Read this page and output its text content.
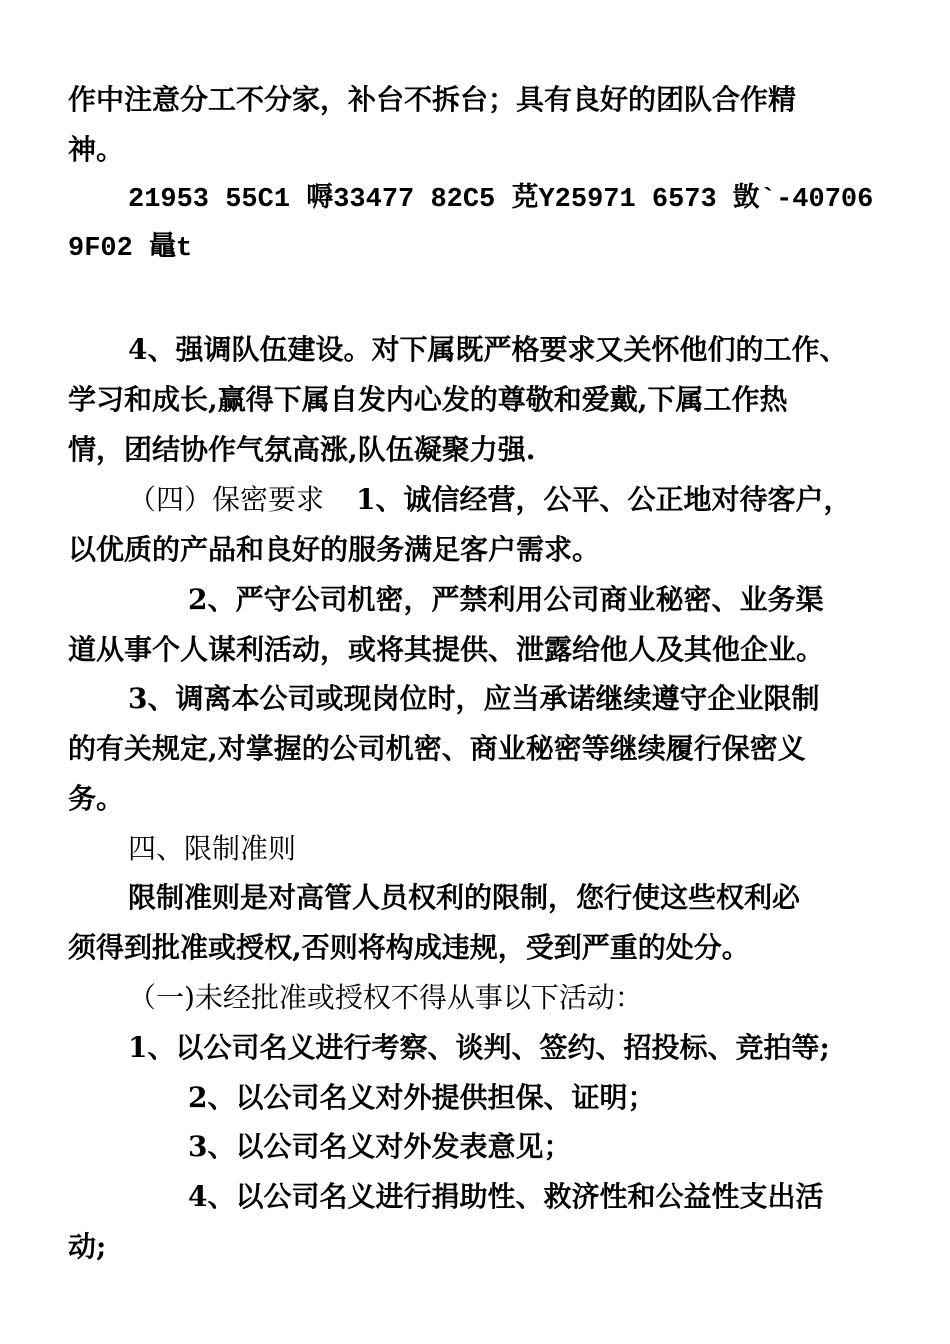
作中注意分工不分家，补台不拆台；具有良好的团队合作精
神。
21953 55C1 嗕33477 82C5 莌Y25971 6573 敳`-40706
9F02 鼂t
4、强调队伍建设。对下属既严格要求又关怀他们的工作、
学习和成长,赢得下属自发内心发的尊敬和爱戴,下属工作热
情，团结协作气氛高涨,队伍凝聚力强.
（四）保密要求 1、诚信经营，公平、公正地对待客户，
以优质的产品和良好的服务满足客户需求。
2、严守公司机密，严禁利用公司商业秘密、业务渠
道从事个人谋利活动，或将其提供、泄露给他人及其他企业。
3、调离本公司或现岗位时，应当承诺继续遵守企业限制
的有关规定,对掌握的公司机密、商业秘密等继续履行保密义
务。
四、限制准则
限制准则是对高管人员权利的限制，您行使这些权利必
须得到批准或授权,否则将构成违规，受到严重的处分。
（一)未经批准或授权不得从事以下活动：
1、以公司名义进行考察、谈判、签约、招投标、竞拍等;
2、以公司名义对外提供担保、证明；
3、以公司名义对外发表意见；
4、以公司名义进行捐助性、救济性和公益性支出活
动;
